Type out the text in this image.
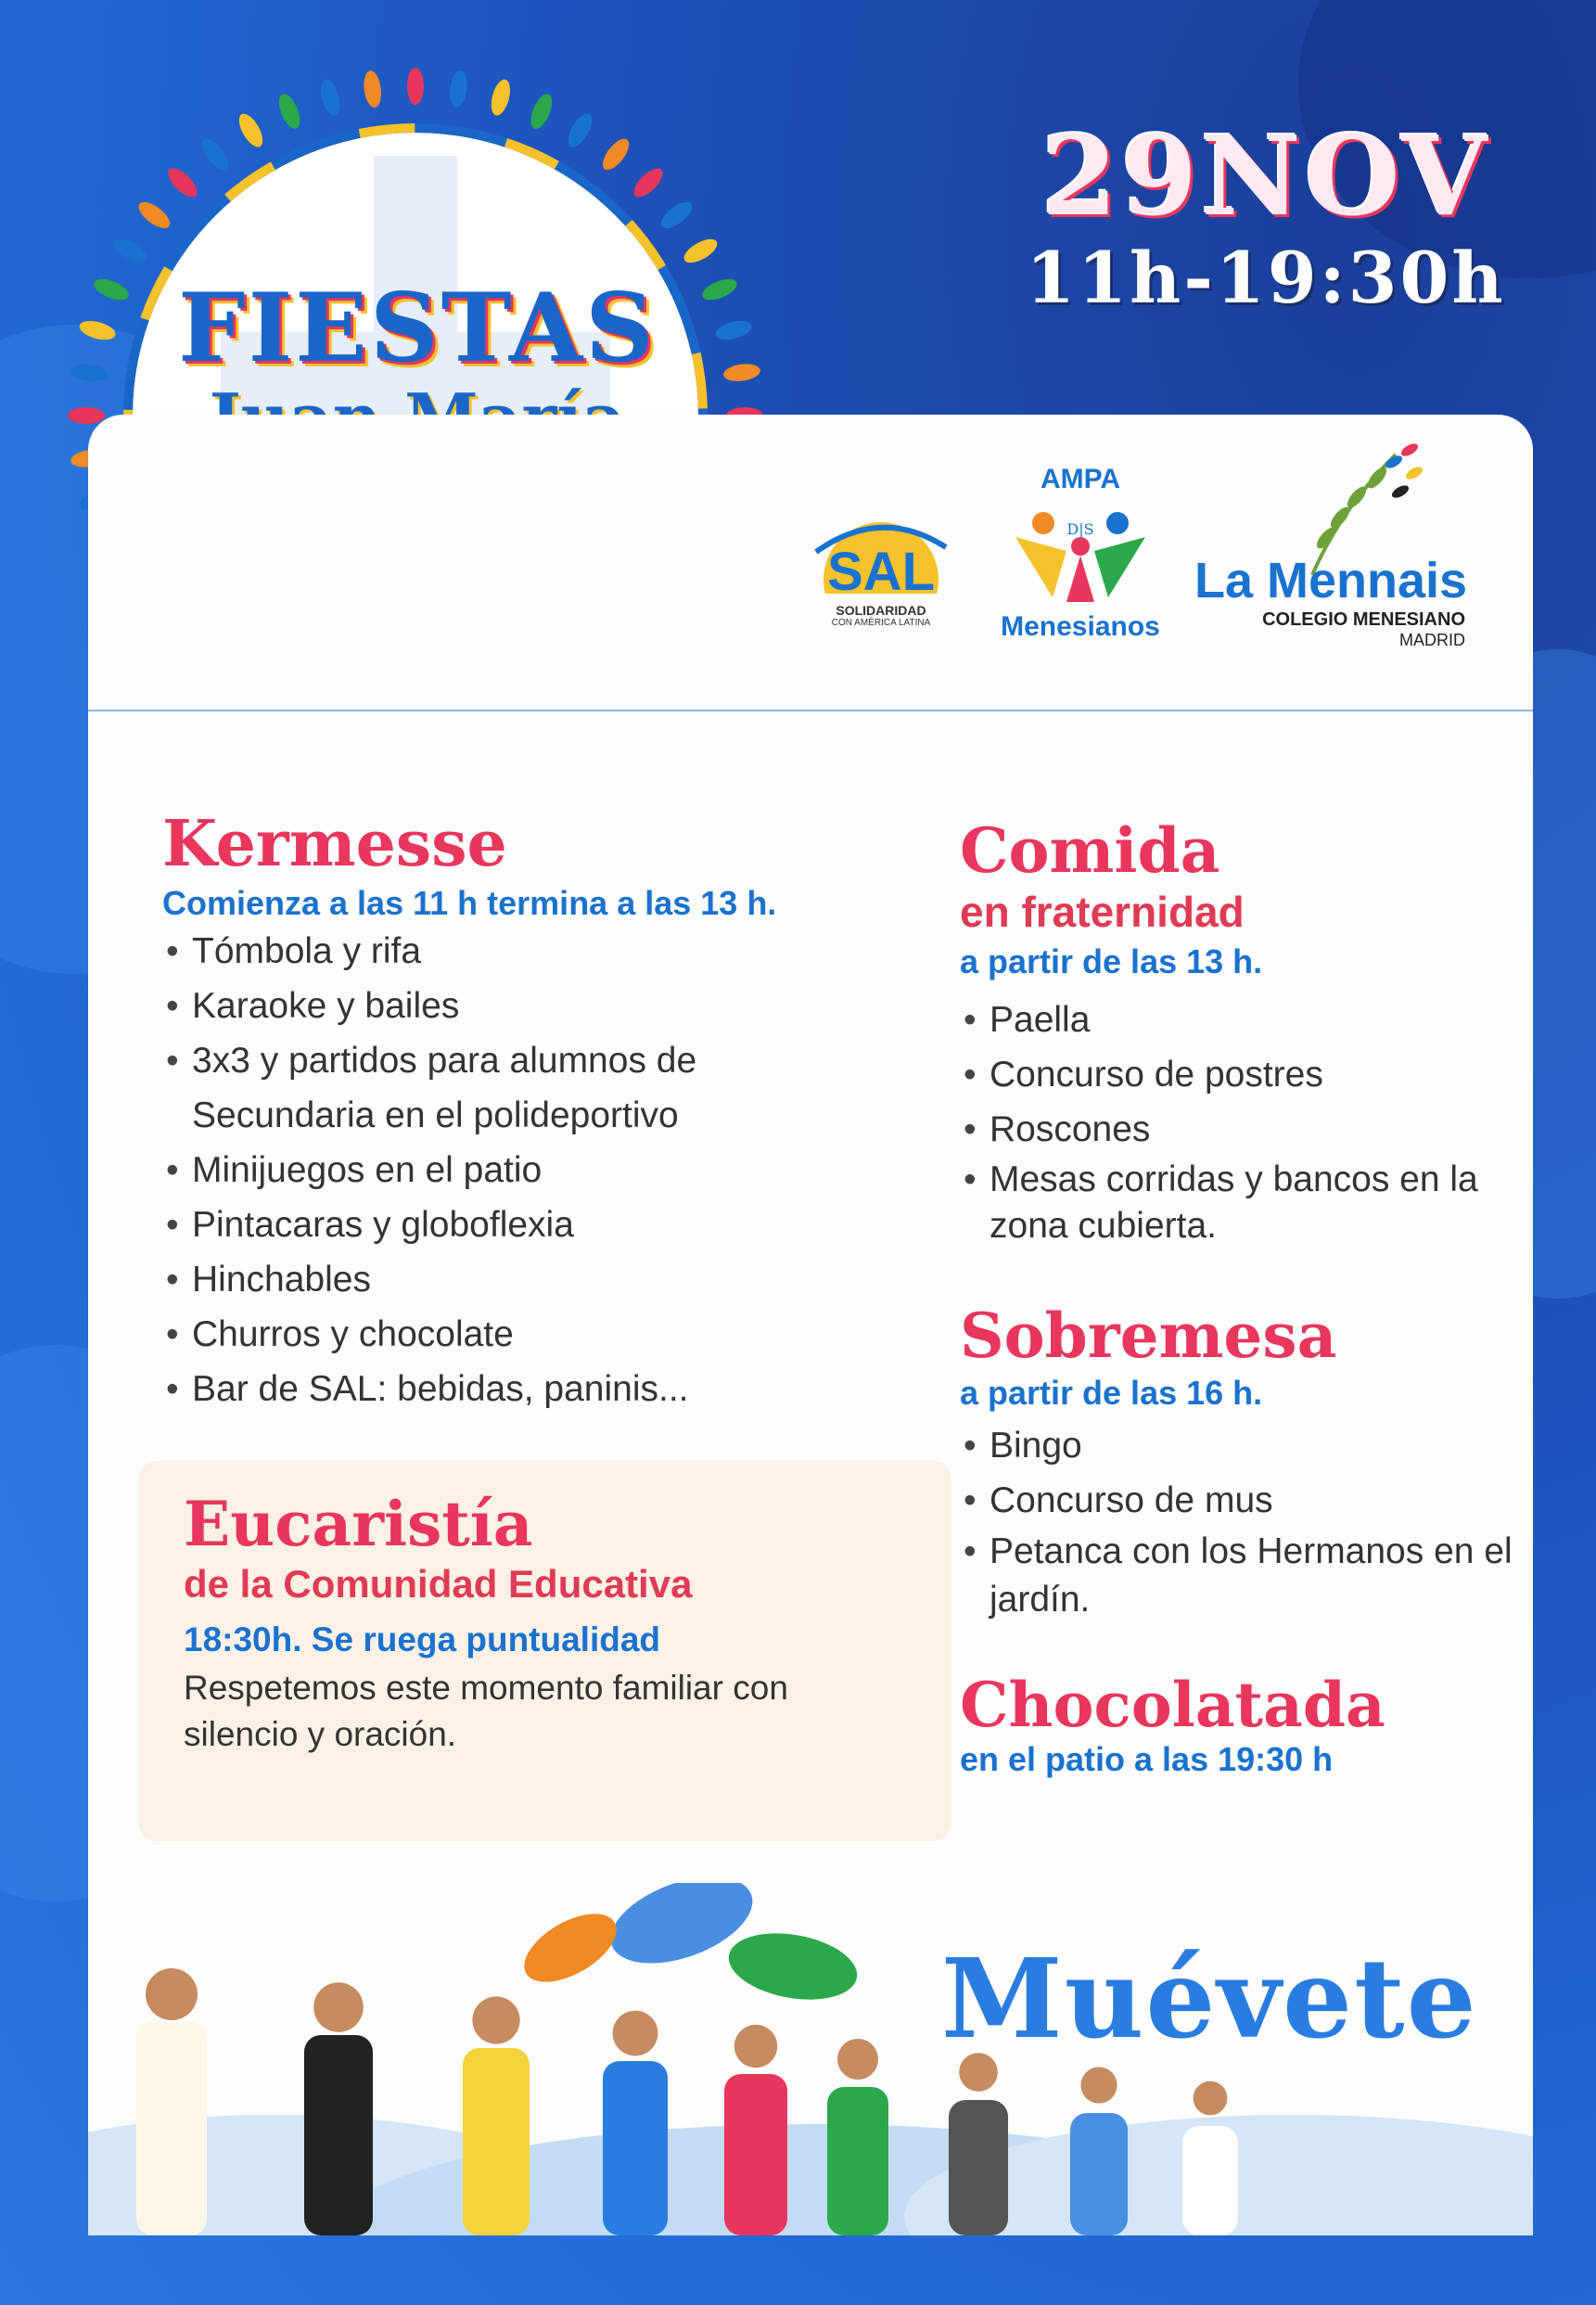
FIESTAS
29NOV
11h-19:30h
SAL
SOLIDARIDAD
CON AMÉRICA LATINA
AMPA
D|S
Menesianos
La Mennais
COLEGIO MENESIANO
MADRID
Kermesse
Comienza a las 11 h termina a las 13 h.
• Tómbola y rifa
• Karaoke y bailes
• 3x3 y partidos para alumnos de Secundaria en el polideportivo
• Minijuegos en el patio
• Pintacaras y globoflexia
• Hinchables
• Churros y chocolate
• Bar de SAL: bebidas, paninis...
Eucaristía
de la Comunidad Educativa
18:30h. Se ruega puntualidad
Respetemos este momento familiar con silencio y oración.
Comida
en fraternidad
a partir de las 13 h.
• Paella
• Concurso de postres
• Roscones
• Mesas corridas y bancos en la zona cubierta.
Sobremesa
a partir de las 16 h.
• Bingo
• Concurso de mus
• Petanca con los Hermanos en el jardín.
Chocolatada
en el patio a las 19:30 h
Muévete
